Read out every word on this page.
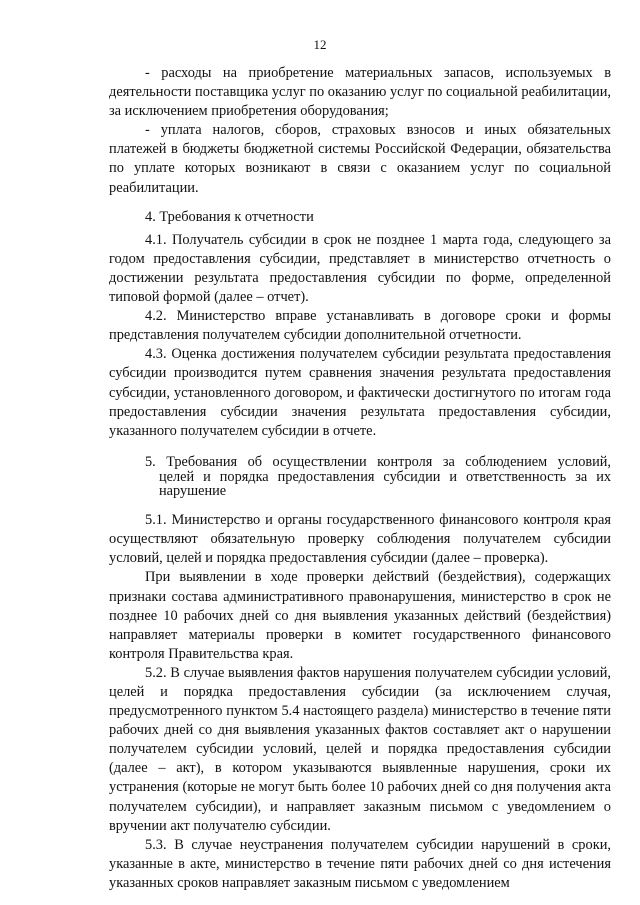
12

- расходы на приобретение материальных запасов, используемых в деятельности поставщика услуг по оказанию услуг по социальной реабилитации, за исключением приобретения оборудования;

- уплата налогов, сборов, страховых взносов и иных обязательных платежей в бюджеты бюджетной системы Российской Федерации, обязательства по уплате которых возникают в связи с оказанием услуг по социальной реабилитации.

4. Требования к отчетности

4.1. Получатель субсидии в срок не позднее 1 марта года, следующего за годом предоставления субсидии, представляет в министерство отчетность о достижении результата предоставления субсидии по форме, определенной типовой формой (далее – отчет).

4.2. Министерство вправе устанавливать в договоре сроки и формы представления получателем субсидии дополнительной отчетности.

4.3. Оценка достижения получателем субсидии результата предоставления субсидии производится путем сравнения значения результата предоставления субсидии, установленного договором, и фактически достигнутого по итогам года предоставления субсидии значения результата предоставления субсидии, указанного получателем субсидии в отчете.

5. Требования об осуществлении контроля за соблюдением условий,
целей и порядка предоставления субсидии и ответственность за их
нарушение

5.1. Министерство и органы государственного финансового контроля края осуществляют обязательную проверку соблюдения получателем субсидии условий, целей и порядка предоставления субсидии (далее – проверка).

При выявлении в ходе проверки действий (бездействия), содержащих признаки состава административного правонарушения, министерство в срок не позднее 10 рабочих дней со дня выявления указанных действий (бездействия) направляет материалы проверки в комитет государственного финансового контроля Правительства края.

5.2. В случае выявления фактов нарушения получателем субсидии условий, целей и порядка предоставления субсидии (за исключением случая, предусмотренного пунктом 5.4 настоящего раздела) министерство в течение пяти рабочих дней со дня выявления указанных фактов составляет акт о нарушении получателем субсидии условий, целей и порядка предоставления субсидии (далее – акт), в котором указываются выявленные нарушения, сроки их устранения (которые не могут быть более 10 рабочих дней со дня получения акта получателем субсидии), и направляет заказным письмом с уведомлением о вручении акт получателю субсидии.

5.3. В случае неустранения получателем субсидии нарушений в сроки, указанные в акте, министерство в течение пяти рабочих дней со дня истечения указанных сроков направляет заказным письмом с уведомлением
